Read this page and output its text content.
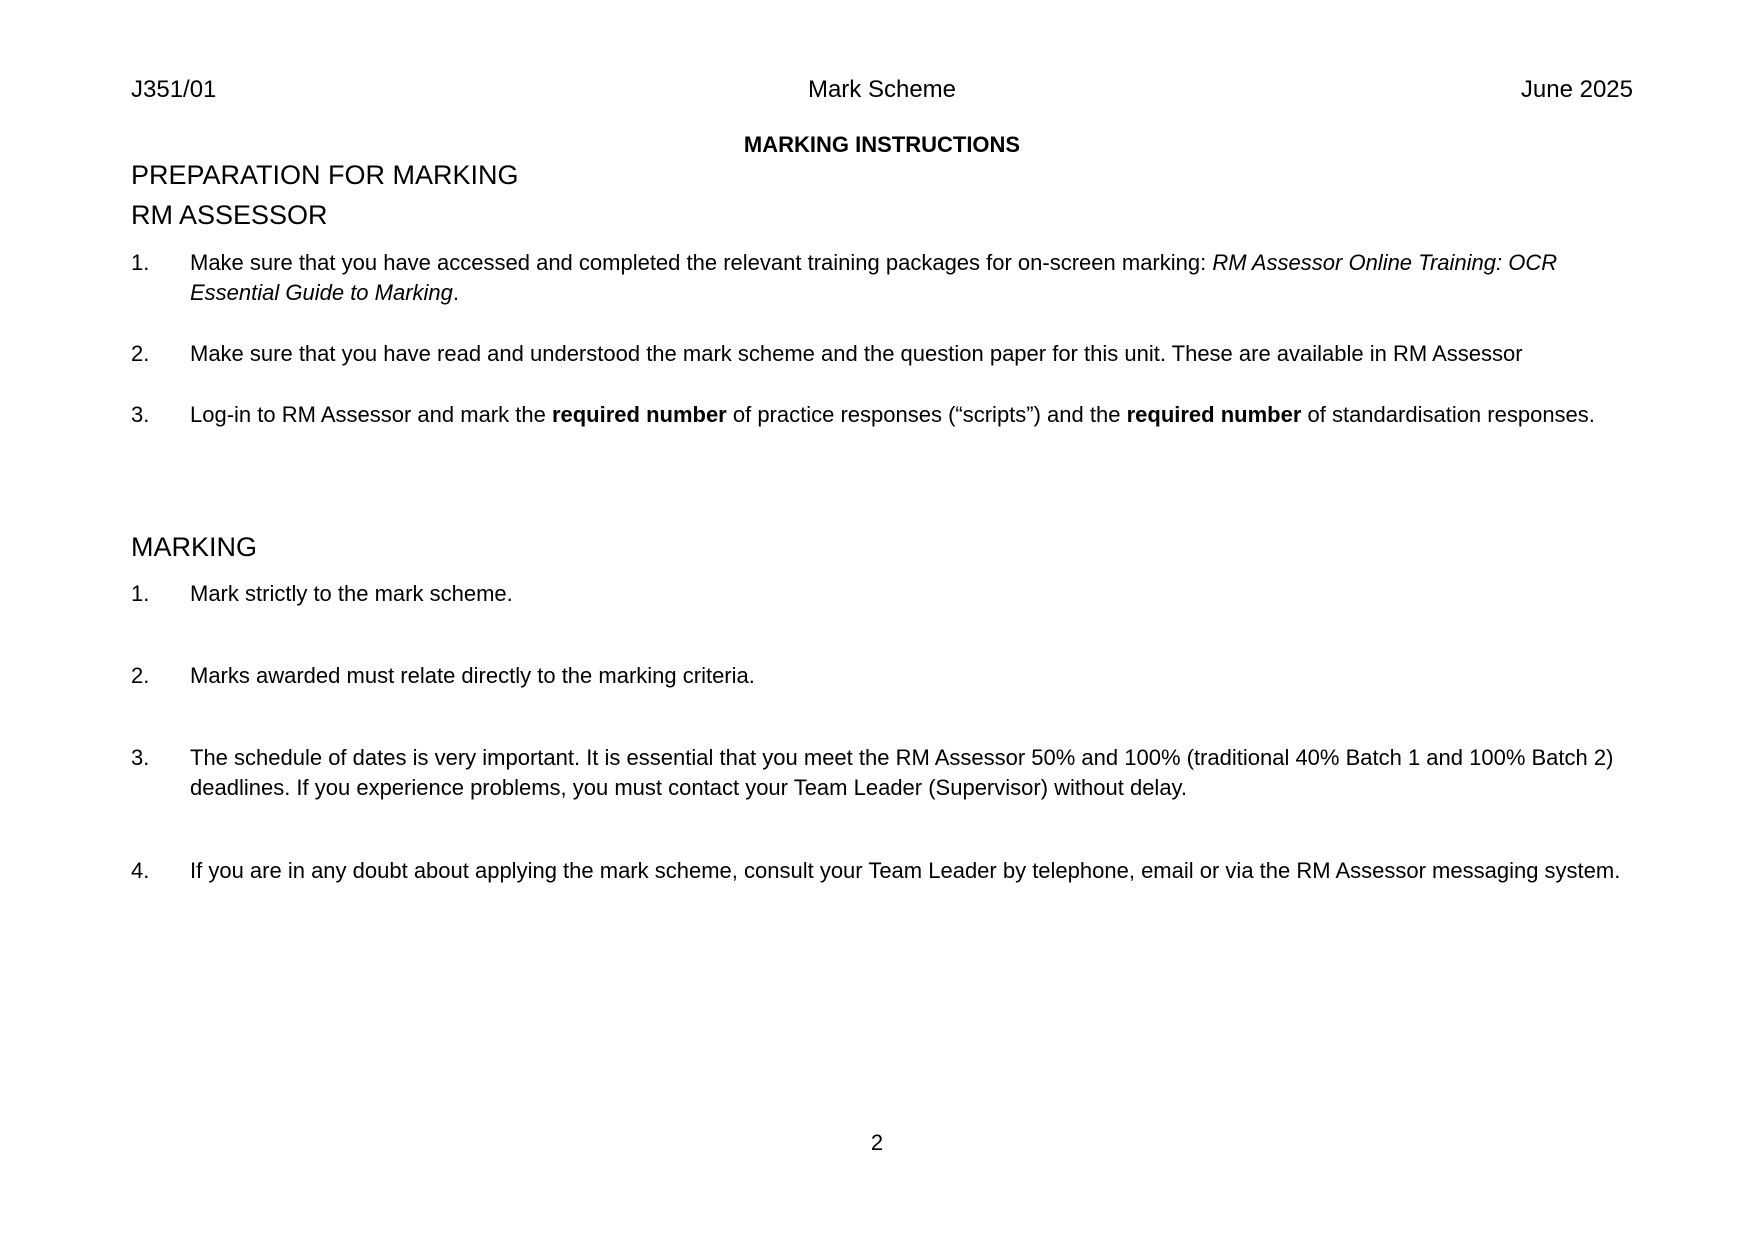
J351/01	Mark Scheme	June 2025
MARKING INSTRUCTIONS
PREPARATION FOR MARKING
RM ASSESSOR
1. Make sure that you have accessed and completed the relevant training packages for on-screen marking: RM Assessor Online Training: OCR Essential Guide to Marking.
2. Make sure that you have read and understood the mark scheme and the question paper for this unit. These are available in RM Assessor
3. Log-in to RM Assessor and mark the required number of practice responses (“scripts”) and the required number of standardisation responses.
MARKING
1. Mark strictly to the mark scheme.
2. Marks awarded must relate directly to the marking criteria.
3. The schedule of dates is very important. It is essential that you meet the RM Assessor 50% and 100% (traditional 40% Batch 1 and 100% Batch 2) deadlines. If you experience problems, you must contact your Team Leader (Supervisor) without delay.
4. If you are in any doubt about applying the mark scheme, consult your Team Leader by telephone, email or via the RM Assessor messaging system.
2
